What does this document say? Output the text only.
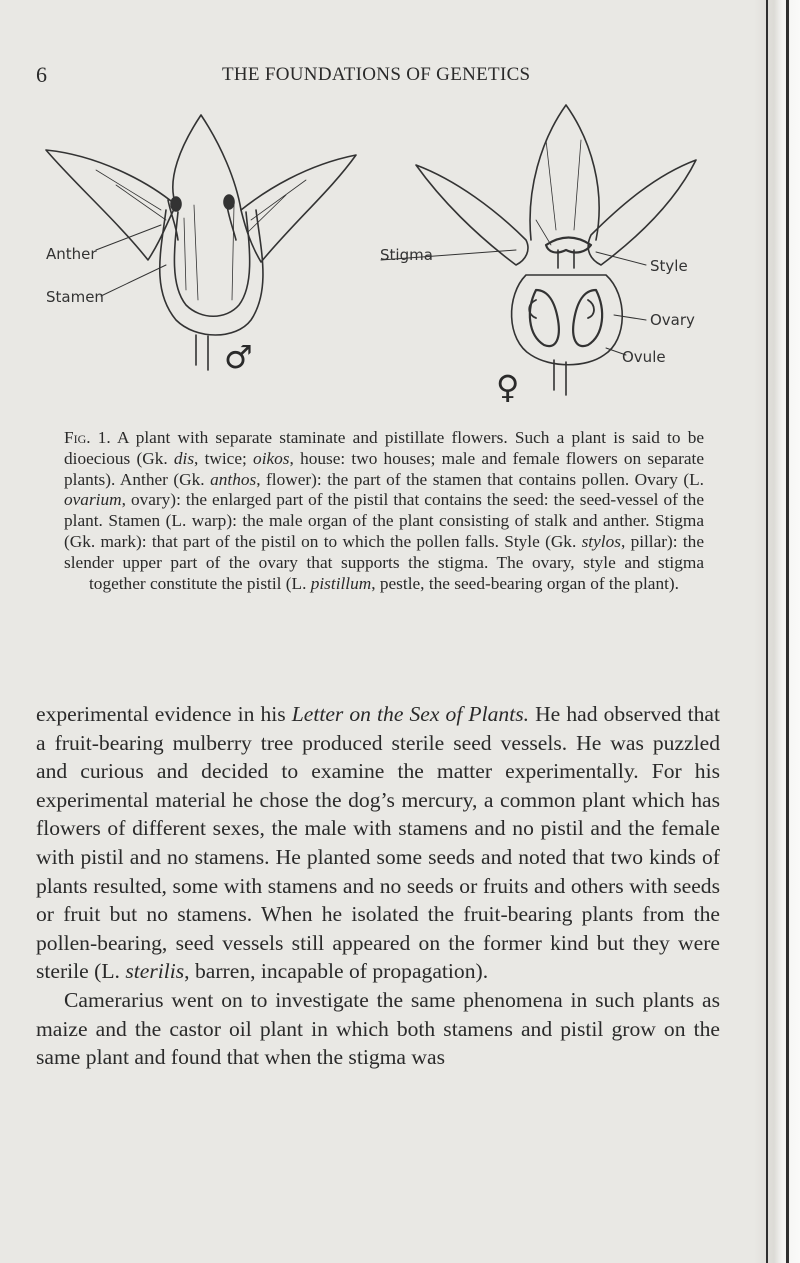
6	THE FOUNDATIONS OF GENETICS
Anther
Stamen
Stigma
Style
Ovary
Ovule
♂
♀

Fig. 1. A plant with separate staminate and pistillate flowers. Such a plant is said to be dioecious (Gk. dis, twice; oikos, house: two houses; male and female flowers on separate plants). Anther (Gk. anthos, flower): the part of the stamen that contains pollen. Ovary (L. ovarium, ovary): the enlarged part of the pistil that contains the seed: the seed-vessel of the plant. Stamen (L. warp): the male organ of the plant consisting of stalk and anther. Stigma (Gk. mark): that part of the pistil on to which the pollen falls. Style (Gk. stylos, pillar): the slender upper part of the ovary that supports the stigma. The ovary, style and stigma together constitute the pistil (L. pistillum, pestle, the seed-bearing organ of the plant).

experimental evidence in his Letter on the Sex of Plants. He had observed that a fruit-bearing mulberry tree produced sterile seed vessels. He was puzzled and curious and decided to examine the matter experimentally. For his experimental material he chose the dog’s mercury, a common plant which has flowers of different sexes, the male with stamens and no pistil and the female with pistil and no stamens. He planted some seeds and noted that two kinds of plants resulted, some with stamens and no seeds or fruits and others with seeds or fruit but no stamens. When he isolated the fruit-bearing plants from the pollen-bearing, seed vessels still appeared on the former kind but they were sterile (L. sterilis, barren, incapable of propagation).

Camerarius went on to investigate the same phenomena in such plants as maize and the castor oil plant in which both stamens and pistil grow on the same plant and found that when the stigma was
